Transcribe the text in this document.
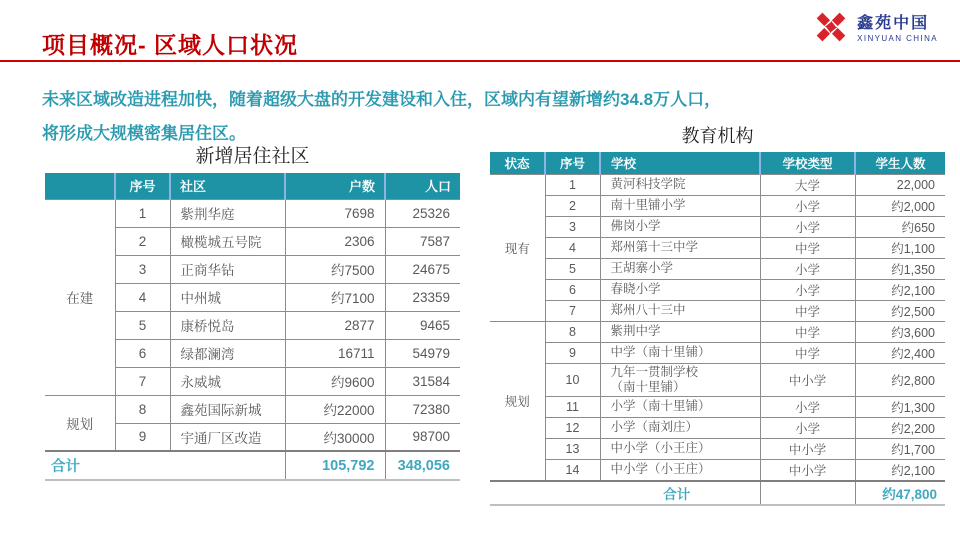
项目概况- 区域人口状况
鑫苑中国
XINYUAN CHINA
未来区域改造进程加快，随着超级大盘的开发建设和入住，区域内有望新增约34.8万人口，
将形成大规模密集居住区。
新增居住社区
	序号	社区	户数	人口
在建	1	紫荆华庭	7698	25326
	2	橄榄城五号院	2306	7587
	3	正商华钻	约7500	24675
	4	中州城	约7100	23359
	5	康桥悦岛	2877	9465
	6	绿都澜湾	16711	54979
	7	永威城	约9600	31584
规划	8	鑫苑国际新城	约22000	72380
	9	宇通厂区改造	约30000	98700
合计			105,792	348,056
教育机构
状态	序号	学校	学校类型	学生人数
现有	1	黄河科技学院	大学	22,000
	2	南十里铺小学	小学	约2,000
	3	佛岗小学	小学	约650
	4	郑州第十三中学	中学	约1,100
	5	王胡寨小学	小学	约1,350
	6	春晓小学	小学	约2,100
	7	郑州八十三中	中学	约2,500
规划	8	紫荆中学	中学	约3,600
	9	中学（南十里铺）	中学	约2,400
	10	九年一贯制学校
（南十里铺）	中小学	约2,800
	11	小学（南十里铺）	小学	约1,300
	12	小学（南刘庄）	小学	约2,200
	13	中小学（小王庄）	中小学	约1,700
	14	中小学（小王庄）	中小学	约2,100
合计				约47,800
